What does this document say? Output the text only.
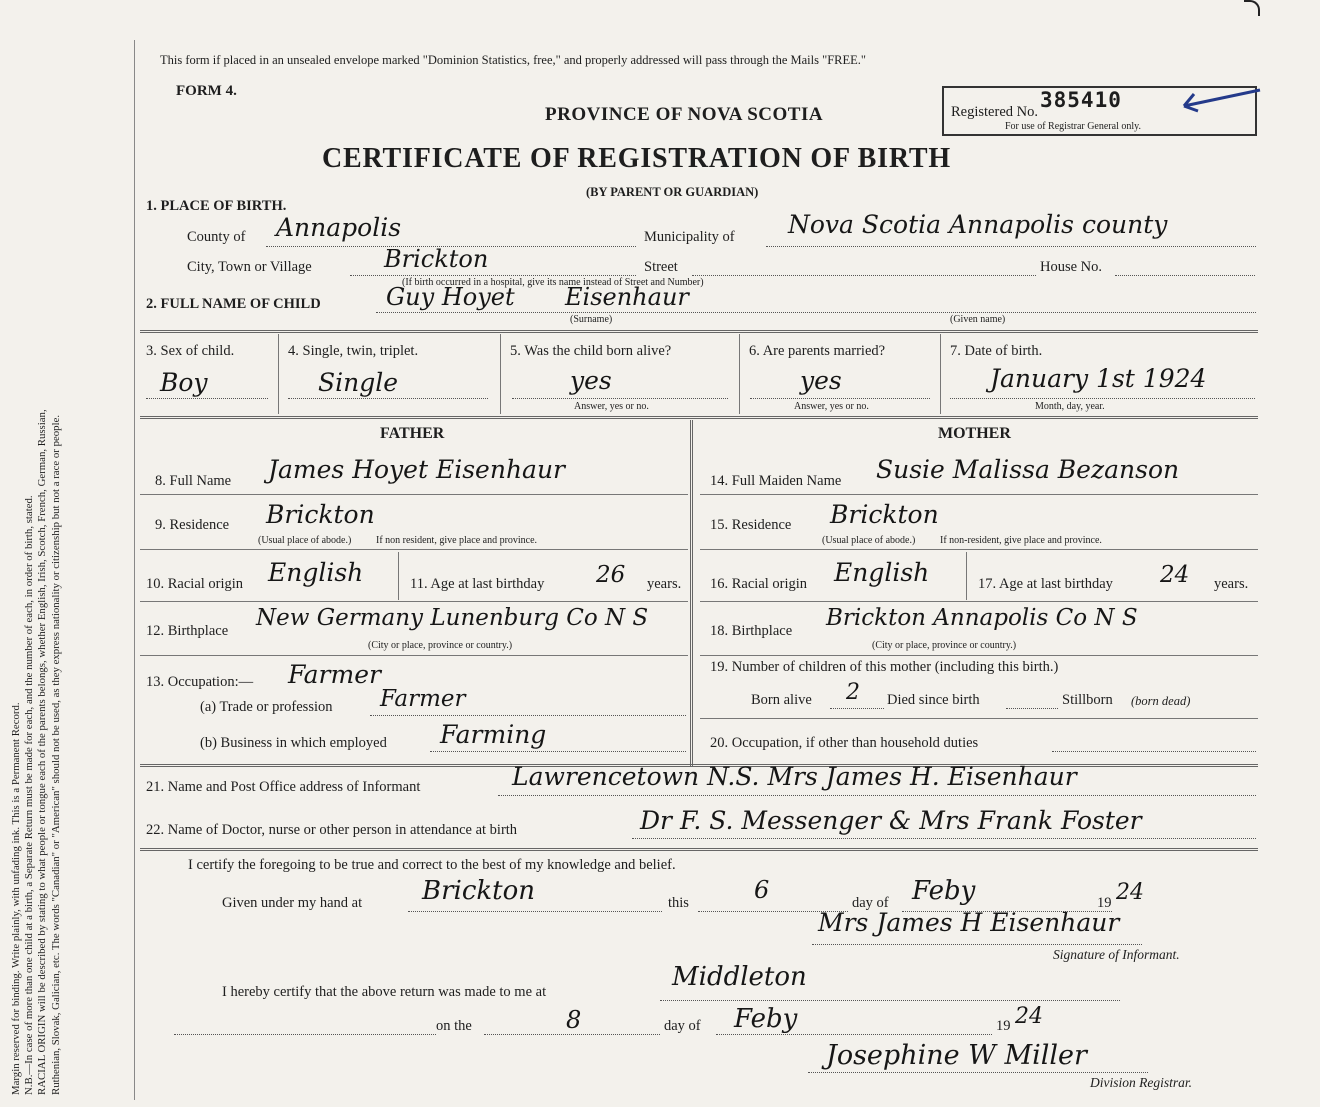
Margin reserved for binding. Write plainly, with unfading ink. This is a Permanent Record. N.B.—In case of more than one child at a birth, a Separate Return must be made for each, and the number of each, in order of birth, stated. RACIAL ORIGIN will be described by stating to what people or tongue each of the parents belongs, whether English, Irish, Scotch, French, German, Russian, Ruthenian, Slovak, Galician, etc. The words "Canadian" or "American" should not be used, as they express nationality or citizenship but not a race or people.
This form if placed in an unsealed envelope marked "Dominion Statistics, free," and properly addressed will pass through the Mails "FREE."
FORM 4.
PROVINCE OF NOVA SCOTIA	Registered No. 385410
For use of Registrar General only.
CERTIFICATE OF REGISTRATION OF BIRTH
(BY PARENT OR GUARDIAN)
1. PLACE OF BIRTH.
County of Annapolis	Municipality of Nova Scotia Annapolis county
City, Town or Village	Brickton	Street	House No.
(If birth occurred in a hospital, give its name instead of Street and Number)
2. FULL NAME OF CHILD	Guy Hoyet Eisenhaur
(Surname)	(Given name)
3. Sex of child.
Boy
4. Single, twin, triplet.
Single
5. Was the child born alive?
yes
Answer, yes or no.
6. Are parents married?
yes
Answer, yes or no.
7. Date of birth.
January 1st 1924
Month, day, year.
FATHER	MOTHER
8. Full Name James Hoyet Eisenhaur
9. Residence Brickton
(Usual place of abode.) If non resident, give place and province.
10. Racial origin English	11. Age at last birthday 26 years.
12. Birthplace New Germany Lunenburg Co N S
(City or place, province or country.)
13. Occupation:— Farmer
(a) Trade or profession Farmer
(b) Business in which employed Farming
14. Full Maiden Name Susie Malissa Bezanson
15. Residence Brickton
(Usual place of abode.) If non-resident, give place and province.
16. Racial origin English	17. Age at last birthday 24 years.
18. Birthplace Brickton Annapolis Co N S
(City or place, province or country.)
19. Number of children of this mother (including this birth.)
Born alive 2 Died since birth	Stillborn (born dead)
20. Occupation, if other than household duties
21. Name and Post Office address of Informant	Lawrencetown N.S. Mrs James H. Eisenhaur
22. Name of Doctor, nurse or other person in attendance at birth	Dr F. S. Messenger & Mrs Frank Foster
I certify the foregoing to be true and correct to the best of my knowledge and belief.
Given under my hand at Brickton	this	6	day of Feby	19 24
Mrs James H Eisenhaur
Signature of Informant.
I hereby certify that the above return was made to me at	Middleton
on the	8	day of Feby	19 24
Josephine W Miller
Division Registrar.
